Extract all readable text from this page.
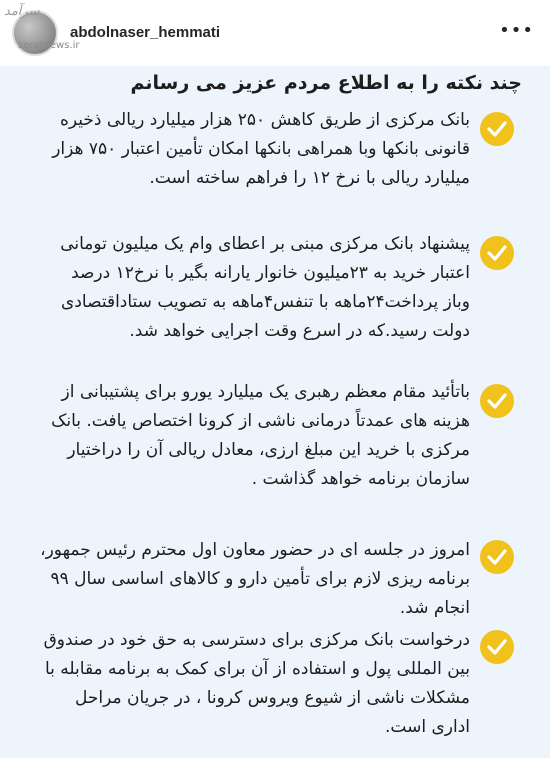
سرآمد
seratnews.ir
abdolnaser_hemmati	•••
چند نکته را به اطلاع مردم عزیز می رسانم
بانک مرکزی از طریق کاهش ۲۵۰ هزار میلیارد ریالی ذخیره قانونی بانکها وبا همراهی بانکها امکان تأمین اعتبار ۷۵۰ هزار میلیارد ریالی با نرخ ۱۲ را فراهم ساخته است.
پیشنهاد بانک مرکزی مبنی بر اعطای وام یک میلیون تومانی اعتبار خرید به ۲۳میلیون خانوار یارانه بگیر با نرخ۱۲ درصد وباز پرداخت۲۴ماهه با تنفس۴ماهه به تصویب ستاداقتصادی دولت رسید.که در اسرع وقت اجرایی خواهد شد.
باتأئید مقام معظم رهبری یک میلیارد یورو برای پشتیبانی از هزینه های عمدتاً درمانی ناشی از کرونا اختصاص یافت. بانک مرکزی با خرید این مبلغ ارزی، معادل ریالی آن را دراختیار سازمان برنامه خواهد گذاشت .
امروز در جلسه ای در حضور معاون اول محترم رئیس جمهور، برنامه ریزی لازم برای تأمین دارو و کالاهای اساسی سال ۹۹ انجام شد.
درخواست بانک مرکزی برای دسترسی به حق خود در صندوق بین المللی پول و استفاده از آن برای کمک به برنامه مقابله با مشکلات ناشی از شیوع ویروس کرونا ، در جریان مراحل اداری است.
